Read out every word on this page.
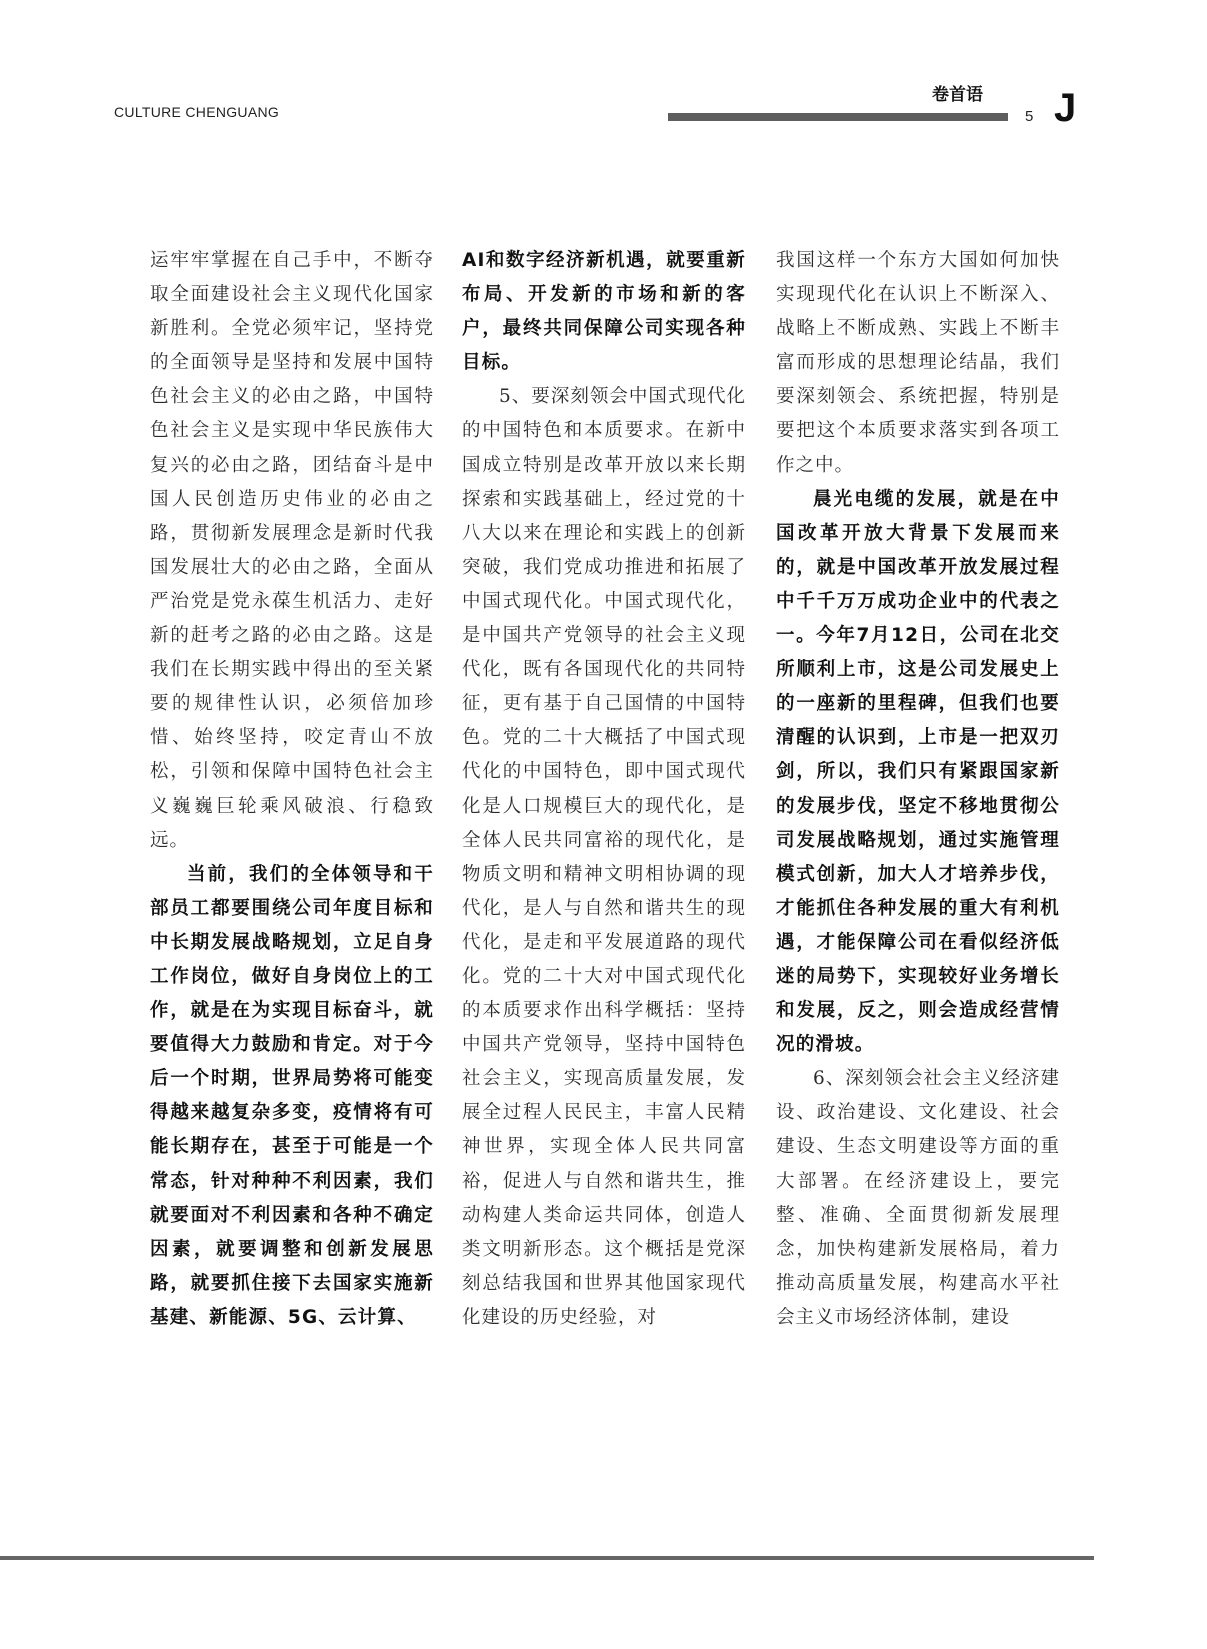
CULTURE CHENGUANG
卷首语
5 J

运牢牢掌握在自己手中，不断夺取全面建设社会主义现代化国家新胜利。全党必须牢记，坚持党的全面领导是坚持和发展中国特色社会主义的必由之路，中国特色社会主义是实现中华民族伟大复兴的必由之路，团结奋斗是中国人民创造历史伟业的必由之路，贯彻新发展理念是新时代我国发展壮大的必由之路，全面从严治党是党永葆生机活力、走好新的赶考之路的必由之路。这是我们在长期实践中得出的至关紧要的规律性认识，必须倍加珍惜、始终坚持，咬定青山不放松，引领和保障中国特色社会主义巍巍巨轮乘风破浪、行稳致远。

当前，我们的全体领导和干部员工都要围绕公司年度目标和中长期发展战略规划，立足自身工作岗位，做好自身岗位上的工作，就是在为实现目标奋斗，就要值得大力鼓励和肯定。对于今后一个时期，世界局势将可能变得越来越复杂多变，疫情将有可能长期存在，甚至于可能是一个常态，针对种种不利因素，我们就要面对不利因素和各种不确定因素，就要调整和创新发展思路，就要抓住接下去国家实施新基建、新能源、5G、云计算、

AI和数字经济新机遇，就要重新布局、开发新的市场和新的客户，最终共同保障公司实现各种目标。

5、要深刻领会中国式现代化的中国特色和本质要求。在新中国成立特别是改革开放以来长期探索和实践基础上，经过党的十八大以来在理论和实践上的创新突破，我们党成功推进和拓展了中国式现代化。中国式现代化，是中国共产党领导的社会主义现代化，既有各国现代化的共同特征，更有基于自己国情的中国特色。党的二十大概括了中国式现代化的中国特色，即中国式现代化是人口规模巨大的现代化，是全体人民共同富裕的现代化，是物质文明和精神文明相协调的现代化，是人与自然和谐共生的现代化，是走和平发展道路的现代化。党的二十大对中国式现代化的本质要求作出科学概括：坚持中国共产党领导，坚持中国特色社会主义，实现高质量发展，发展全过程人民民主，丰富人民精神世界，实现全体人民共同富裕，促进人与自然和谐共生，推动构建人类命运共同体，创造人类文明新形态。这个概括是党深刻总结我国和世界其他国家现代化建设的历史经验，对

我国这样一个东方大国如何加快实现现代化在认识上不断深入、战略上不断成熟、实践上不断丰富而形成的思想理论结晶，我们要深刻领会、系统把握，特别是要把这个本质要求落实到各项工作之中。

晨光电缆的发展，就是在中国改革开放大背景下发展而来的，就是中国改革开放发展过程中千千万万成功企业中的代表之一。今年7月12日，公司在北交所顺利上市，这是公司发展史上的一座新的里程碑，但我们也要清醒的认识到，上市是一把双刃剑，所以，我们只有紧跟国家新的发展步伐，坚定不移地贯彻公司发展战略规划，通过实施管理模式创新，加大人才培养步伐，才能抓住各种发展的重大有利机遇，才能保障公司在看似经济低迷的局势下，实现较好业务增长和发展，反之，则会造成经营情况的滑坡。

6、深刻领会社会主义经济建设、政治建设、文化建设、社会建设、生态文明建设等方面的重大部署。在经济建设上，要完整、准确、全面贯彻新发展理念，加快构建新发展格局，着力推动高质量发展，构建高水平社会主义市场经济体制，建设
